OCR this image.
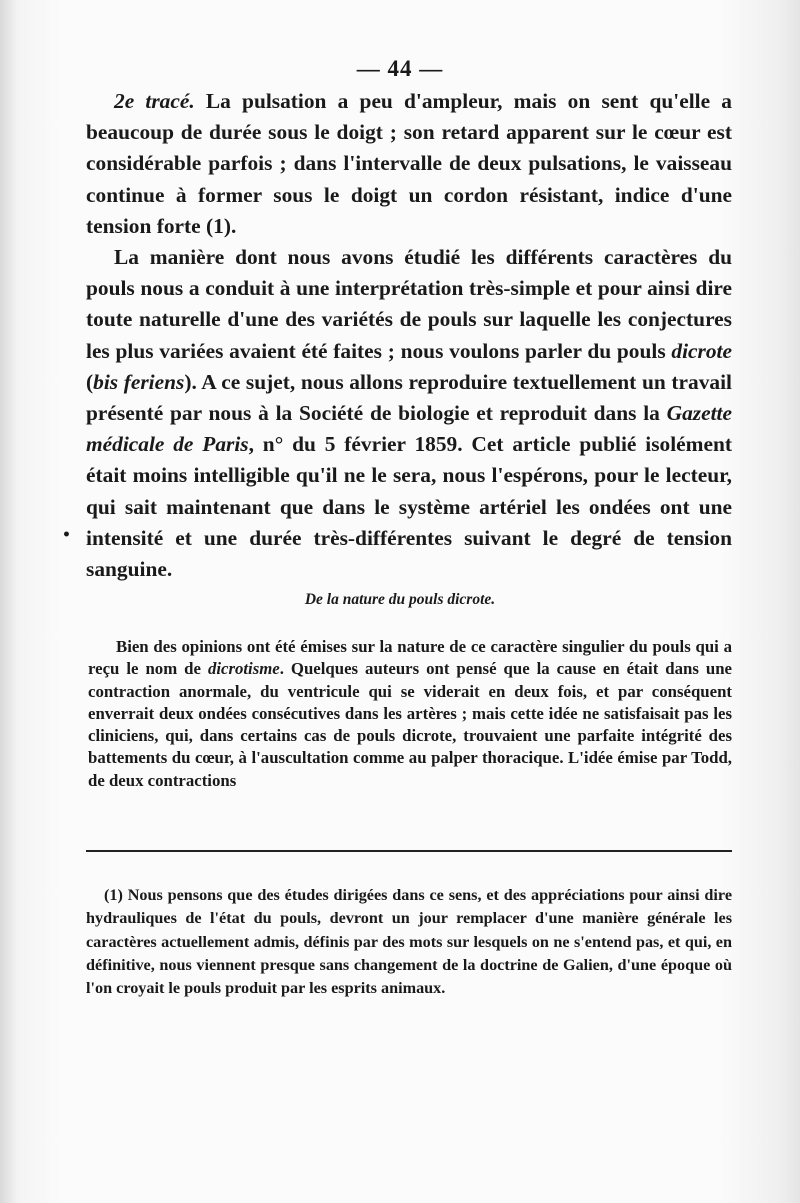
— 44 —

2e tracé. La pulsation a peu d'ampleur, mais on sent qu'elle a beaucoup de durée sous le doigt ; son retard apparent sur le cœur est considérable parfois ; dans l'intervalle de deux pulsations, le vaisseau continue à former sous le doigt un cordon résistant, indice d'une tension forte (1).

La manière dont nous avons étudié les différents caractères du pouls nous a conduit à une interprétation très-simple et pour ainsi dire toute naturelle d'une des variétés de pouls sur laquelle les conjectures les plus variées avaient été faites ; nous voulons parler du pouls dicrote (bis feriens). A ce sujet, nous allons reproduire textuellement un travail présenté par nous à la Société de biologie et reproduit dans la Gazette médicale de Paris, n° du 5 février 1859. Cet article publié isolément était moins intelligible qu'il ne le sera, nous l'espérons, pour le lecteur, qui sait maintenant que dans le système artériel les ondées ont une intensité et une durée très-différentes suivant le degré de tension sanguine.

•
De la nature du pouls dicrote.

Bien des opinions ont été émises sur la nature de ce caractère singulier du pouls qui a reçu le nom de dicrotisme. Quelques auteurs ont pensé que la cause en était dans une contraction anormale, du ventricule qui se viderait en deux fois, et par conséquent enverrait deux ondées consécutives dans les artères ; mais cette idée ne satisfaisait pas les cliniciens, qui, dans certains cas de pouls dicrote, trouvaient une parfaite intégrité des battements du cœur, à l'auscultation comme au palper thoracique. L'idée émise par Todd, de deux contractions

(1) Nous pensons que des études dirigées dans ce sens, et des appréciations pour ainsi dire hydrauliques de l'état du pouls, devront un jour remplacer d'une manière générale les caractères actuellement admis, définis par des mots sur lesquels on ne s'entend pas, et qui, en définitive, nous viennent presque sans changement de la doctrine de Galien, d'une époque où l'on croyait le pouls produit par les esprits animaux.
